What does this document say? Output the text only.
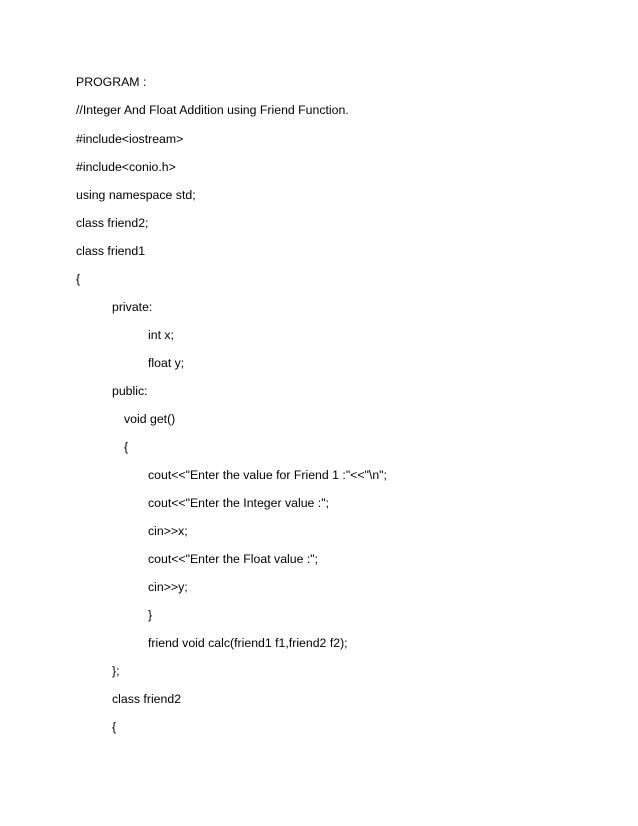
PROGRAM :
//Integer And Float Addition using Friend Function.
#include<iostream>
#include<conio.h>
using namespace std;
class friend2;
class friend1
{
private:
int x;
float y;
public:
void get()
{
cout<<"Enter the value for Friend 1 :"<<"\n";
cout<<"Enter the Integer value :";
cin>>x;
cout<<"Enter the Float value :";
cin>>y;
}
friend void calc(friend1 f1,friend2 f2);
};
class friend2
{
